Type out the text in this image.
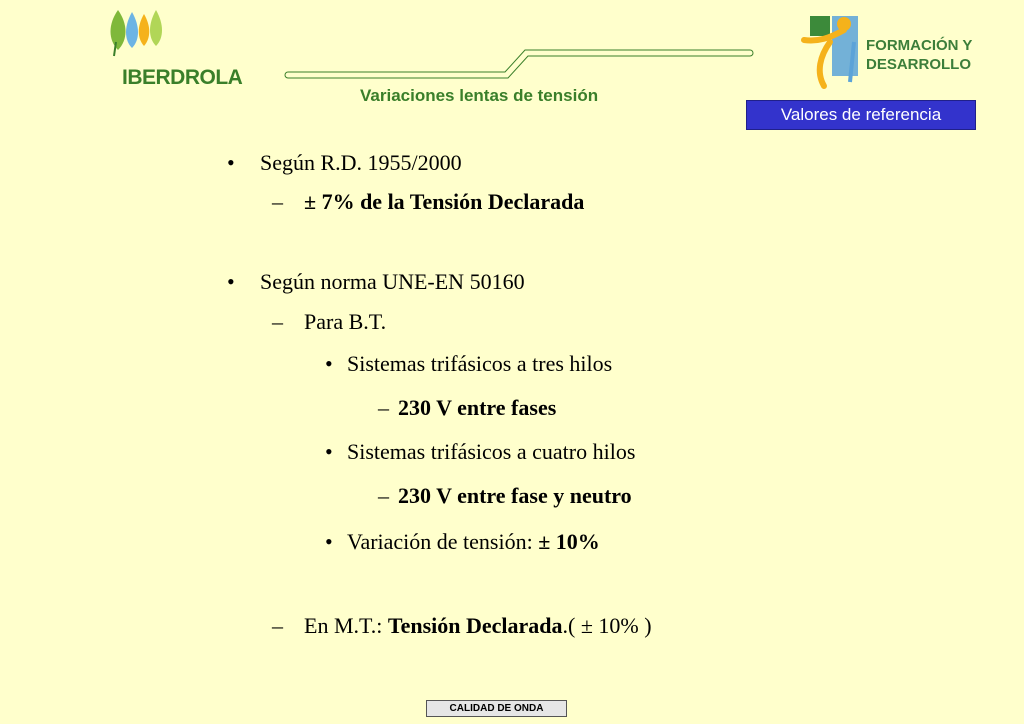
IBERDROLA
Variaciones lentas de tensión
FORMACIÓN Y
DESARROLLO
Valores de referencia
• Según R.D. 1955/2000
– ± 7% de la Tensión Declarada
• Según norma UNE-EN 50160
– Para B.T.
• Sistemas trifásicos a tres hilos
– 230 V entre fases
• Sistemas trifásicos a cuatro hilos
– 230 V entre fase y neutro
• Variación de tensión: ± 10%
– En M.T.: Tensión Declarada.( ± 10% )
CALIDAD DE ONDA
